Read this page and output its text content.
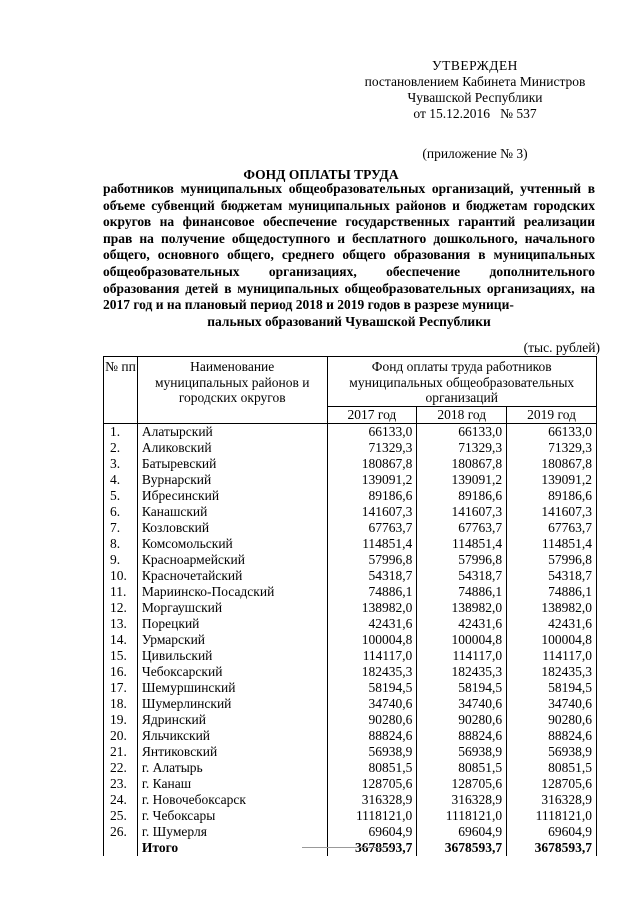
УТВЕРЖДЕН
постановлением Кабинета Министров
Чувашской Республики
от 15.12.2016   № 537
(приложение № 3)
ФОНД ОПЛАТЫ ТРУДА
работников муниципальных общеобразовательных организаций, учтенный в объеме субвенций бюджетам муниципальных районов и бюджетам городских округов на финансовое обеспечение государственных гарантий реализации прав на получение общедоступного и бесплатного дошкольного, начального общего, основного общего, среднего общего образования в муниципальных общеобразовательных организациях, обеспечение дополнительного образования детей в муниципальных общеобразовательных организациях, на 2017 год и на плановый период 2018 и 2019 годов в разрезе муници-
пальных образований Чувашской Республики
(тыс. рублей)
№ пп	Наименование муниципальных районов и городских округов	Фонд оплаты труда работников муниципальных общеобразовательных организаций		
		2017 год	2018 год	2019 год
1.	Алатырский	66133,0	66133,0	66133,0
2.	Аликовский	71329,3	71329,3	71329,3
3.	Батыревский	180867,8	180867,8	180867,8
4.	Вурнарский	139091,2	139091,2	139091,2
5.	Ибресинский	89186,6	89186,6	89186,6
6.	Канашский	141607,3	141607,3	141607,3
7.	Козловский	67763,7	67763,7	67763,7
8.	Комсомольский	114851,4	114851,4	114851,4
9.	Красноармейский	57996,8	57996,8	57996,8
10.	Красночетайский	54318,7	54318,7	54318,7
11.	Мариинско-Посадский	74886,1	74886,1	74886,1
12.	Моргаушский	138982,0	138982,0	138982,0
13.	Порецкий	42431,6	42431,6	42431,6
14.	Урмарский	100004,8	100004,8	100004,8
15.	Цивильский	114117,0	114117,0	114117,0
16.	Чебоксарский	182435,3	182435,3	182435,3
17.	Шемуршинский	58194,5	58194,5	58194,5
18.	Шумерлинский	34740,6	34740,6	34740,6
19.	Ядринский	90280,6	90280,6	90280,6
20.	Яльчикский	88824,6	88824,6	88824,6
21.	Янтиковский	56938,9	56938,9	56938,9
22.	г. Алатырь	80851,5	80851,5	80851,5
23.	г. Канаш	128705,6	128705,6	128705,6
24.	г. Новочебоксарск	316328,9	316328,9	316328,9
25.	г. Чебоксары	1118121,0	1118121,0	1118121,0
26.	г. Шумерля	69604,9	69604,9	69604,9
	Итого	3678593,7	3678593,7	3678593,7
